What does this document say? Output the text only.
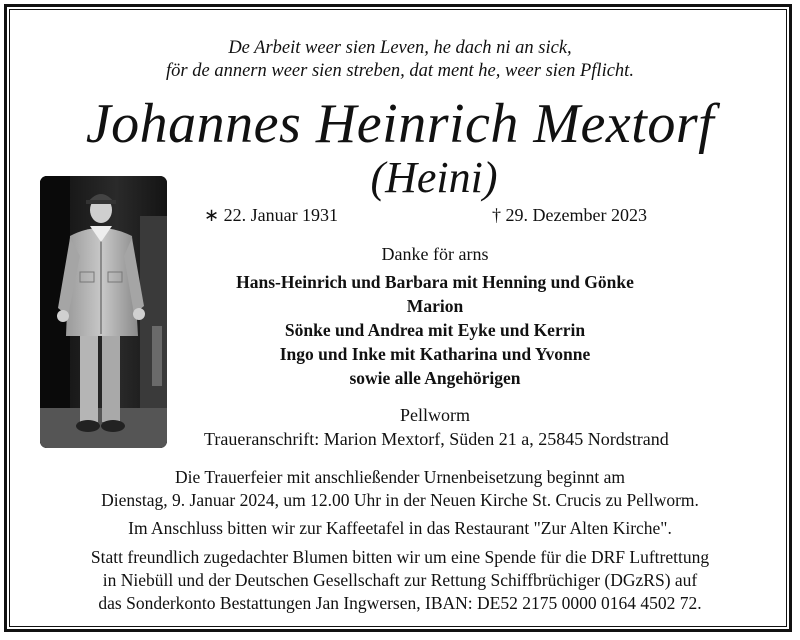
De Arbeit weer sien Leven, he dach ni an sick,
för de annern weer sien streben, dat ment he, weer sien Pflicht.
Johannes Heinrich Mextorf
(Heini)
∗ 22. Januar 1931	† 29. Dezember 2023
Danke för arns
Hans-Heinrich und Barbara mit Henning und Gönke
Marion
Sönke und Andrea mit Eyke und Kerrin
Ingo und Inke mit Katharina und Yvonne
sowie alle Angehörigen
Pellworm
Traueranschrift: Marion Mextorf, Süden 21 a, 25845 Nordstrand
Die Trauerfeier mit anschließender Urnenbeisetzung beginnt am
Dienstag, 9. Januar 2024, um 12.00 Uhr in der Neuen Kirche St. Crucis zu Pellworm.
Im Anschluss bitten wir zur Kaffeetafel in das Restaurant "Zur Alten Kirche".
Statt freundlich zugedachter Blumen bitten wir um eine Spende für die DRF Luftrettung
in Niebüll und der Deutschen Gesellschaft zur Rettung Schiffbrüchiger (DGzRS) auf
das Sonderkonto Bestattungen Jan Ingwersen, IBAN: DE52 2175 0000 0164 4502 72.
